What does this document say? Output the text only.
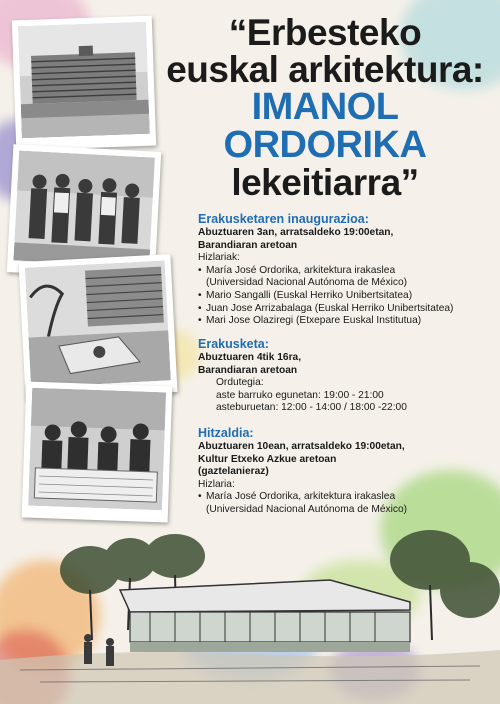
“Erbesteko
euskal arkitektura:
IMANOL ORDORIKA
lekeitiarra”
Erakusketaren inaugurazioa:
Abuztuaren 3an, arratsaldeko 19:00etan,
Barandiaran aretoan
Hizlariak:
• María José Ordorika, arkitektura irakaslea
(Universidad Nacional Autónoma de México)
• Mario Sangalli (Euskal Herriko Unibertsitatea)
• Juan Jose Arrizabalaga (Euskal Herriko Unibertsitatea)
• Mari Jose Olaziregi (Etxepare Euskal Institutua)
Erakusketa:
Abuztuaren 4tik 16ra,
Barandiaran aretoan
Ordutegia:
aste barruko egunetan: 19:00 - 21:00
asteburuetan: 12:00 - 14:00 / 18:00 -22:00
Hitzaldia:
Abuztuaren 10ean, arratsaldeko 19:00etan,
Kultur Etxeko Azkue aretoan
(gaztelanieraz)
Hizlaria:
• María José Ordorika, arkitektura irakaslea
(Universidad Nacional Autónoma de México)
